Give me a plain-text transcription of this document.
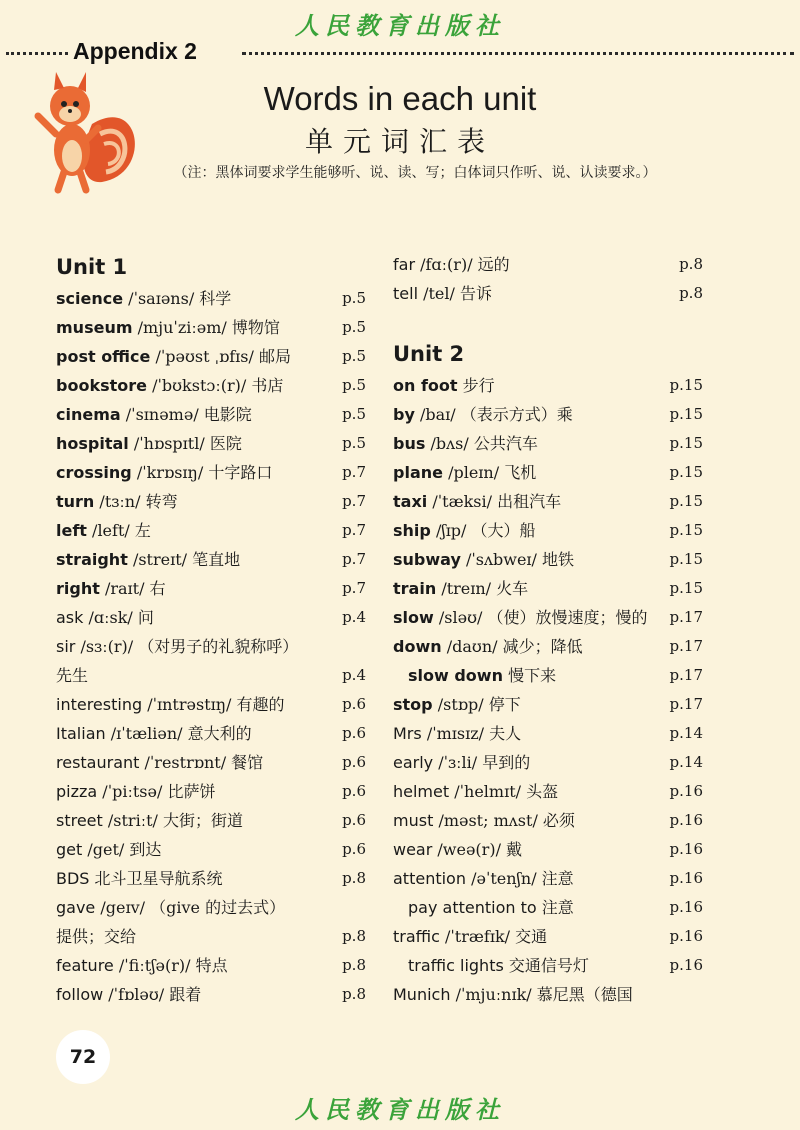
人民教育出版社
Appendix 2
Words in each unit
单元词汇表
（注：黑体词要求学生能够听、说、读、写；白体词只作听、说、认读要求。）
Unit 1
science /ˈsaɪəns/ 科学	p.5
museum /mjuˈziːəm/ 博物馆	p.5
post office /ˈpəʊst ˌɒfɪs/ 邮局	p.5
bookstore /ˈbʊkstɔː(r)/ 书店	p.5
cinema /ˈsɪnəmə/ 电影院	p.5
hospital /ˈhɒspɪtl/ 医院	p.5
crossing /ˈkrɒsɪŋ/ 十字路口	p.7
turn /tɜːn/ 转弯	p.7
left /left/ 左	p.7
straight /streɪt/ 笔直地	p.7
right /raɪt/ 右	p.7
ask /ɑːsk/ 问	p.4
sir /sɜː(r)/ （对男子的礼貌称呼）
先生	p.4
interesting /ˈɪntrəstɪŋ/ 有趣的	p.6
Italian /ɪˈtæliən/ 意大利的	p.6
restaurant /ˈrestrɒnt/ 餐馆	p.6
pizza /ˈpiːtsə/ 比萨饼	p.6
street /striːt/ 大街；街道	p.6
get /get/ 到达	p.6
BDS 北斗卫星导航系统	p.8
gave /geɪv/ （give 的过去式）
提供；交给	p.8
feature /ˈfiːtʃə(r)/ 特点	p.8
follow /ˈfɒləʊ/ 跟着	p.8
far /fɑː(r)/ 远的	p.8
tell /tel/ 告诉	p.8
Unit 2
on foot 步行	p.15
by /baɪ/ （表示方式）乘	p.15
bus /bʌs/ 公共汽车	p.15
plane /pleɪn/ 飞机	p.15
taxi /ˈtæksi/ 出租汽车	p.15
ship /ʃɪp/ （大）船	p.15
subway /ˈsʌbweɪ/ 地铁	p.15
train /treɪn/ 火车	p.15
slow /sləʊ/ （使）放慢速度；慢的 p.17
down /daʊn/ 减少；降低	p.17
slow down 慢下来	p.17
stop /stɒp/ 停下	p.17
Mrs /ˈmɪsɪz/ 夫人	p.14
early /ˈɜːli/ 早到的	p.14
helmet /ˈhelmɪt/ 头盔	p.16
must /məst; mʌst/ 必须	p.16
wear /weə(r)/ 戴	p.16
attention /əˈtenʃn/ 注意	p.16
pay attention to 注意	p.16
traffic /ˈtræfɪk/ 交通	p.16
traffic lights 交通信号灯	p.16
Munich /ˈmjuːnɪk/ 慕尼黑（德国
72
人民教育出版社
